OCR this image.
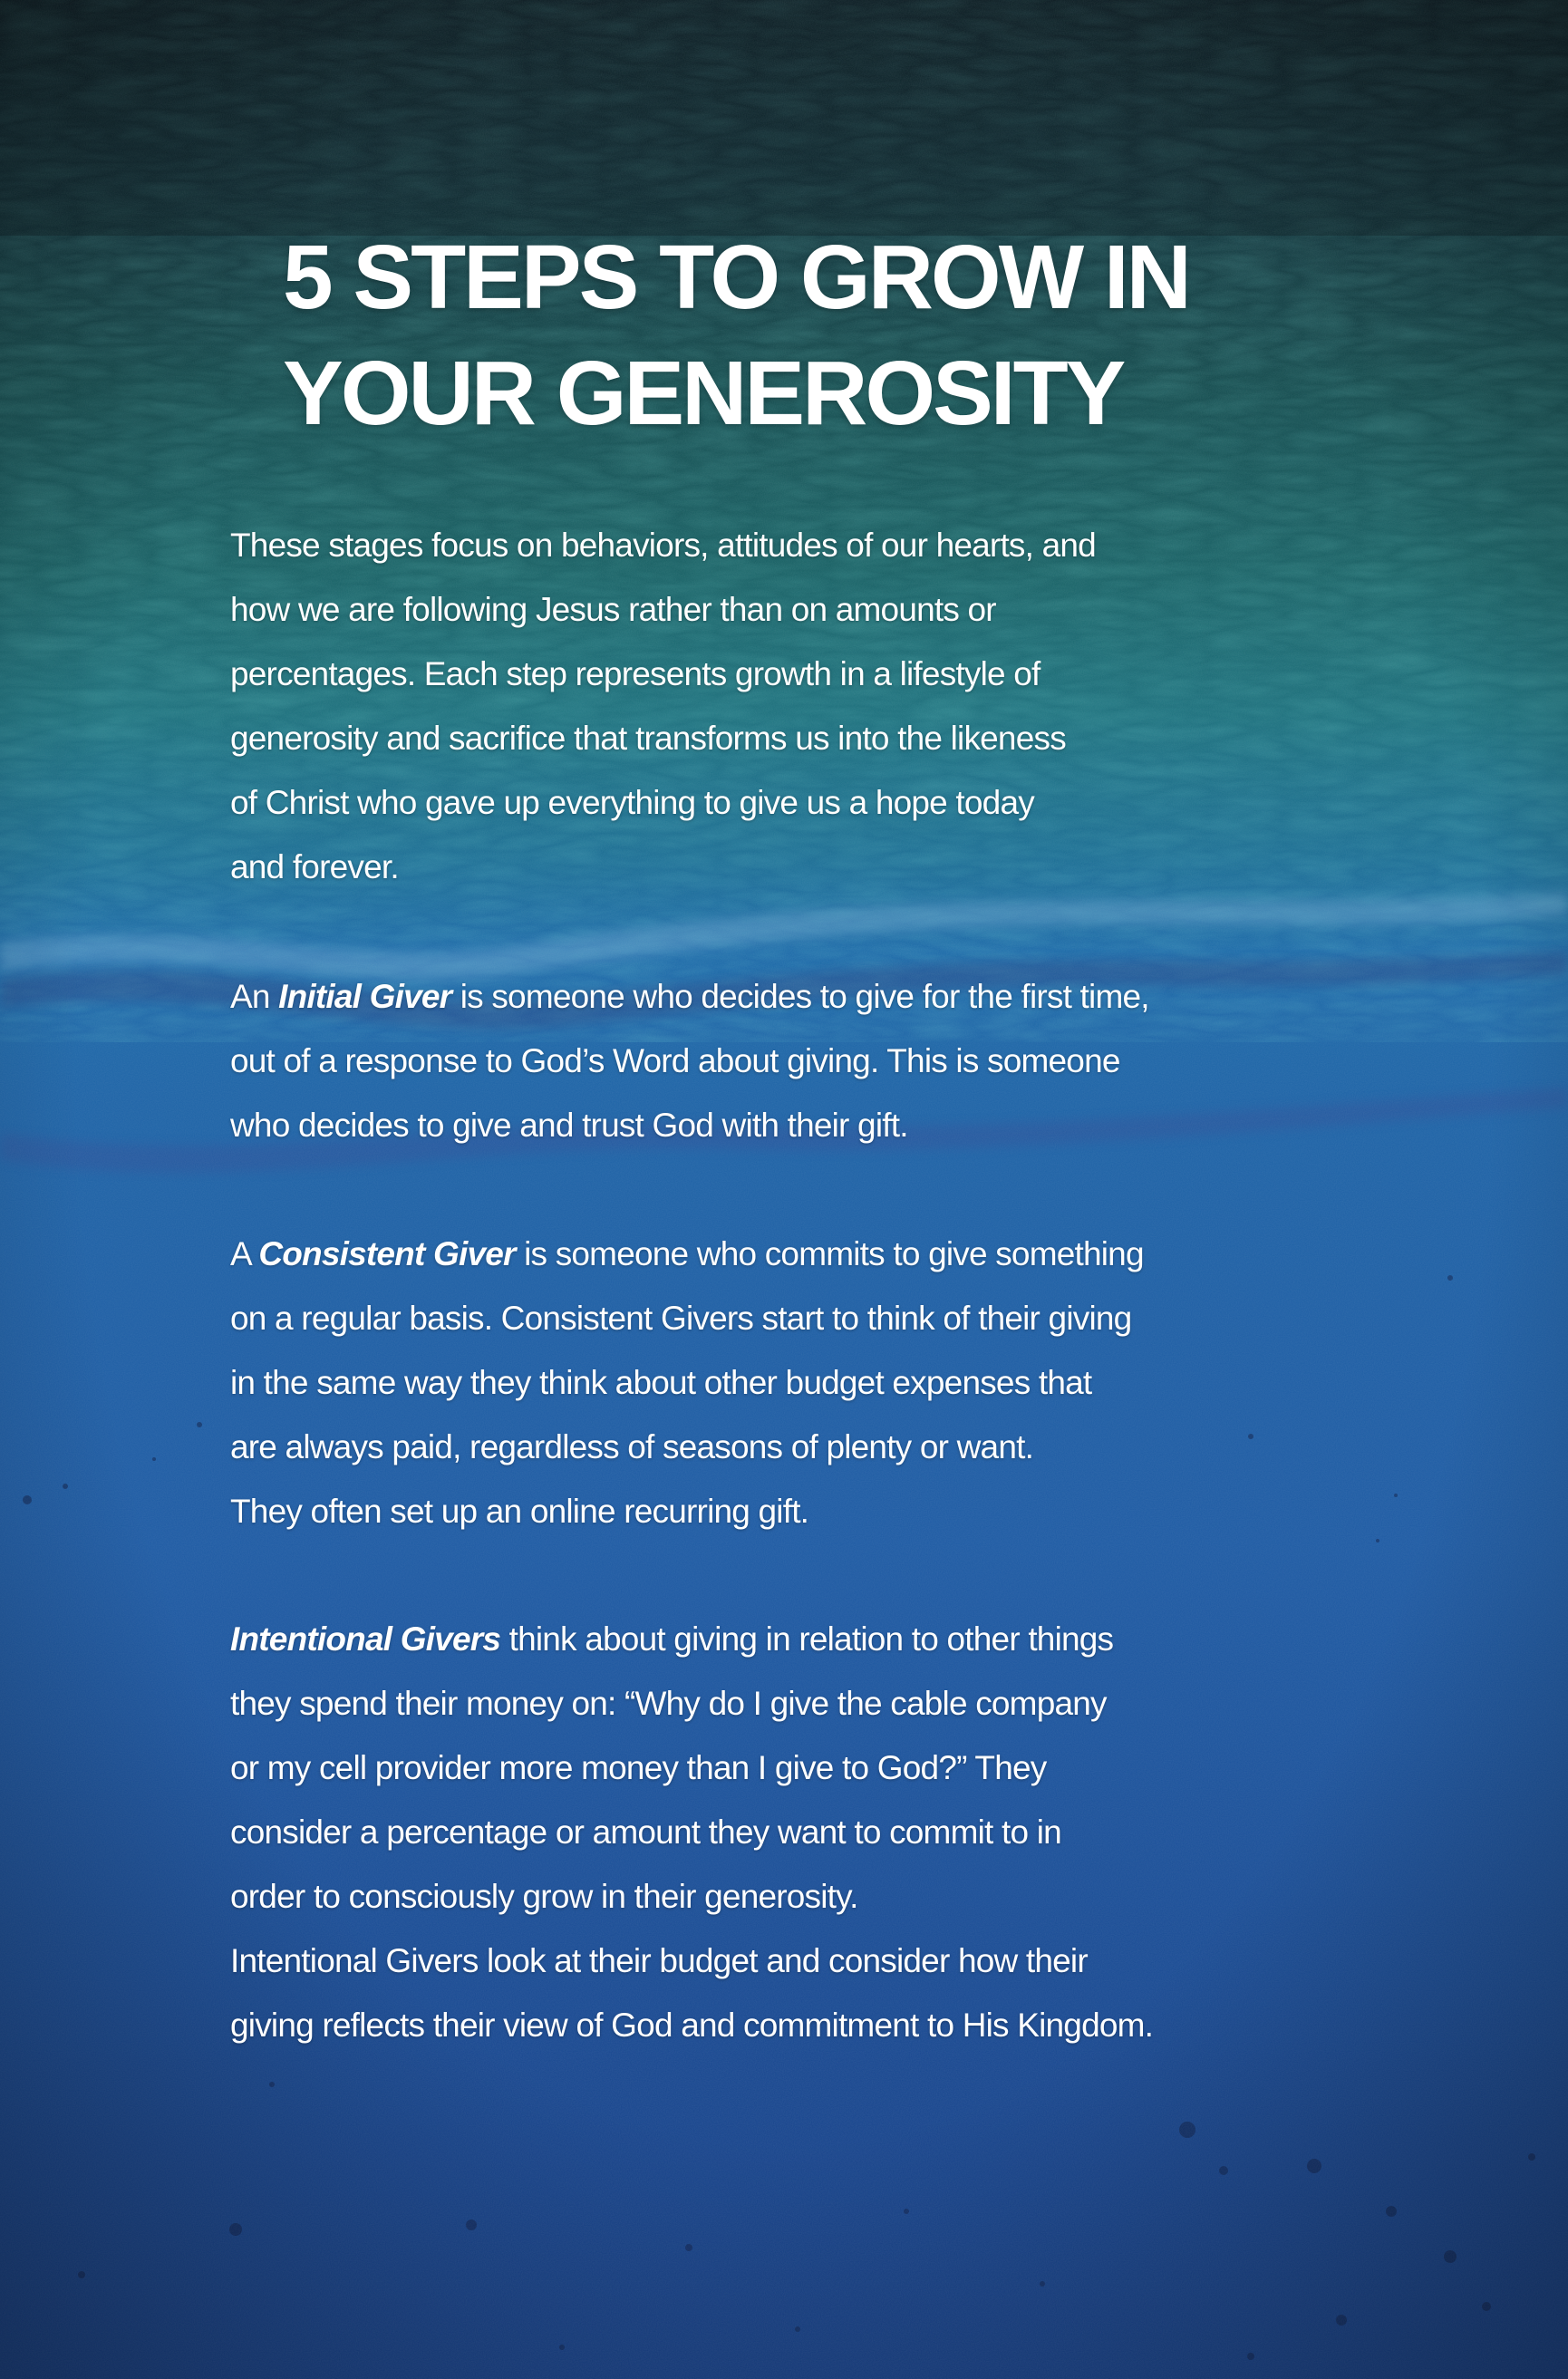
5 STEPS TO GROW IN
YOUR GENEROSITY
These stages focus on behaviors, attitudes of our hearts, and
how we are following Jesus rather than on amounts or
percentages. Each step represents growth in a lifestyle of
generosity and sacrifice that transforms us into the likeness
of Christ who gave up everything to give us a hope today
and forever.
An Initial Giver is someone who decides to give for the first time,
out of a response to God’s Word about giving. This is someone
who decides to give and trust God with their gift.
A Consistent Giver is someone who commits to give something
on a regular basis. Consistent Givers start to think of their giving
in the same way they think about other budget expenses that
are always paid, regardless of seasons of plenty or want.
They often set up an online recurring gift.
Intentional Givers think about giving in relation to other things
they spend their money on: “Why do I give the cable company
or my cell provider more money than I give to God?” They
consider a percentage or amount they want to commit to in
order to consciously grow in their generosity.
Intentional Givers look at their budget and consider how their
giving reflects their view of God and commitment to His Kingdom.
